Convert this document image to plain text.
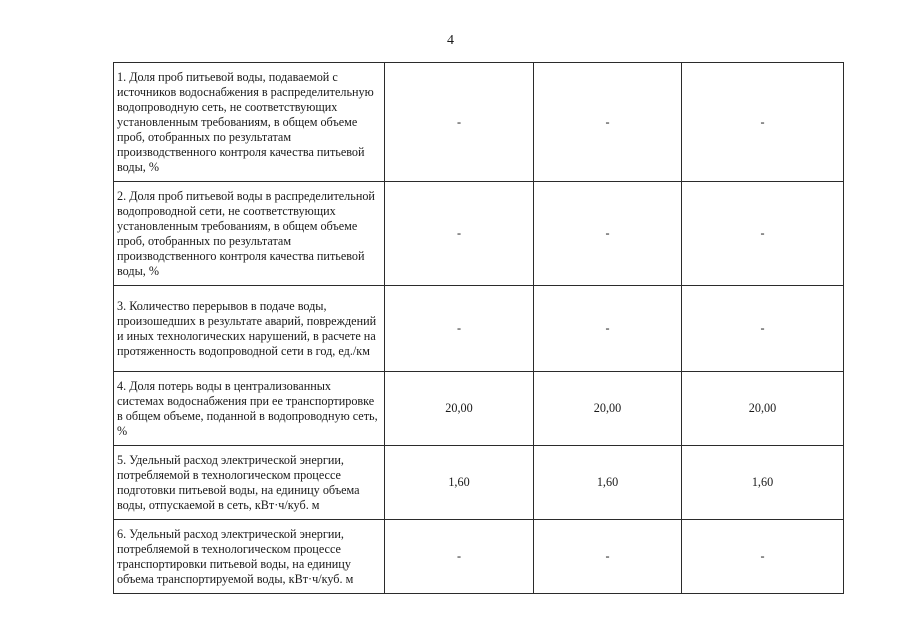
4
1. Доля проб питьевой воды, подаваемой с источников водоснабжения в распределительную водопроводную сеть, не соответствующих установленным требованиям, в общем объеме проб, отобранных по результатам производственного контроля качества питьевой воды, %	-	-	-
2. Доля проб питьевой воды в распределительной водопроводной сети, не соответствующих установленным требованиям, в общем объеме проб, отобранных по результатам производственного контроля качества питьевой воды, %	-	-	-
3. Количество перерывов в подаче воды, произошедших в результате аварий, повреждений и иных технологических нарушений, в расчете на протяженность водопроводной сети в год, ед./км	-	-	-
4. Доля потерь воды в централизованных системах водоснабжения при ее транспортировке в общем объеме, поданной в водопроводную сеть, %	20,00	20,00	20,00
5. Удельный расход электрической энергии, потребляемой в технологическом процессе подготовки питьевой воды, на единицу объема воды, отпускаемой в сеть, кВт·ч/куб. м	1,60	1,60	1,60
6. Удельный расход электрической энергии, потребляемой в технологическом процессе транспортировки питьевой воды, на единицу объема транспортируемой воды, кВт·ч/куб. м	-	-	-
